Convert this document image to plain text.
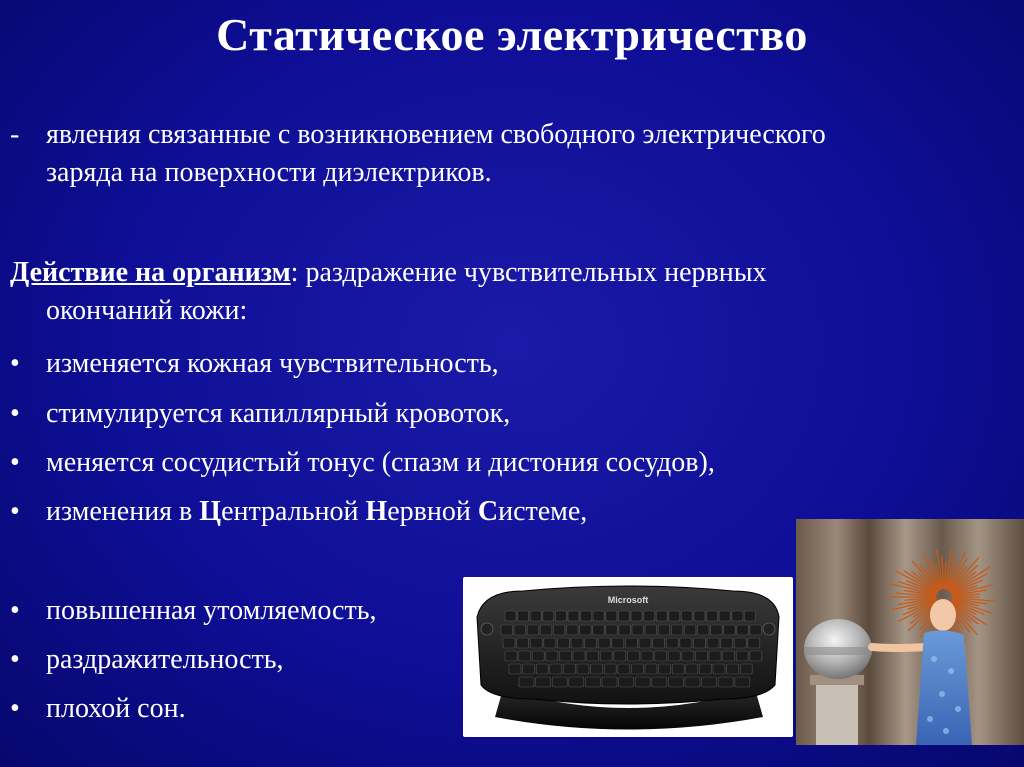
Статическое электричество
- явления связанные с возникновением свободного электрического
заряда на поверхности диэлектриков.
Действие на организм: раздражение чувствительных нервных
окончаний кожи:
• изменяется кожная чувствительность,
• стимулируется капиллярный кровоток,
• меняется сосудистый тонус (спазм и дистония сосудов),
• изменения в Центральной Нервной Системе,
• повышенная утомляемость,
• раздражительность,
• плохой сон.
Microsoft
